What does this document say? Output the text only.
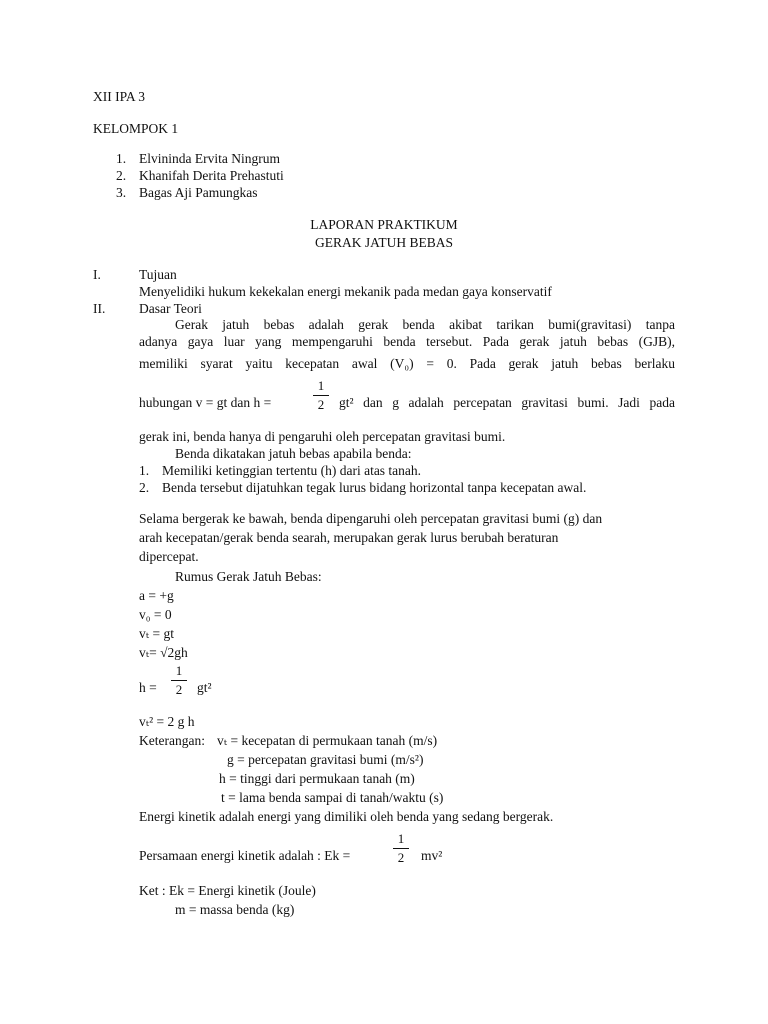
XII IPA 3
KELOMPOK 1
1. Elvininda Ervita Ningrum
2. Khanifah Derita Prehastuti
3. Bagas Aji Pamungkas
LAPORAN PRAKTIKUM
GERAK JATUH BEBAS
I.	Tujuan
Menyelidiki hukum kekekalan energi mekanik pada medan gaya konservatif
II. Dasar Teori
Gerak jatuh bebas adalah gerak benda akibat tarikan bumi(gravitasi) tanpa
adanya gaya luar yang mempengaruhi benda tersebut. Pada gerak jatuh bebas (GJB),
memiliki syarat yaitu kecepatan awal (V₀) = 0. Pada gerak jatuh bebas berlaku
hubungan v = gt dan h =
1
2	gt² dan g adalah percepatan gravitasi bumi. Jadi pada
gerak ini, benda hanya di pengaruhi oleh percepatan gravitasi bumi.
Benda dikatakan jatuh bebas apabila benda:
1. Memiliki ketinggian tertentu (h) dari atas tanah.
2. Benda tersebut dijatuhkan tegak lurus bidang horizontal tanpa kecepatan awal.
Selama bergerak ke bawah, benda dipengaruhi oleh percepatan gravitasi bumi (g) dan
arah kecepatan/gerak benda searah, merupakan gerak lurus berubah beraturan
dipercepat.
Rumus Gerak Jatuh Bebas:
a = +g
v₀ = 0
vₜ = gt
vₜ= √2gh
h =
1
2	gt²
vₜ² = 2 g h
Keterangan: vₜ = kecepatan di permukaan tanah (m/s)
g = percepatan gravitasi bumi (m/s²)
h = tinggi dari permukaan tanah (m)
t = lama benda sampai di tanah/waktu (s)
Energi kinetik adalah energi yang dimiliki oleh benda yang sedang bergerak.
Persamaan energi kinetik adalah : Ek =
1
2	mv²
Ket : Ek = Energi kinetik (Joule)
m = massa benda (kg)
